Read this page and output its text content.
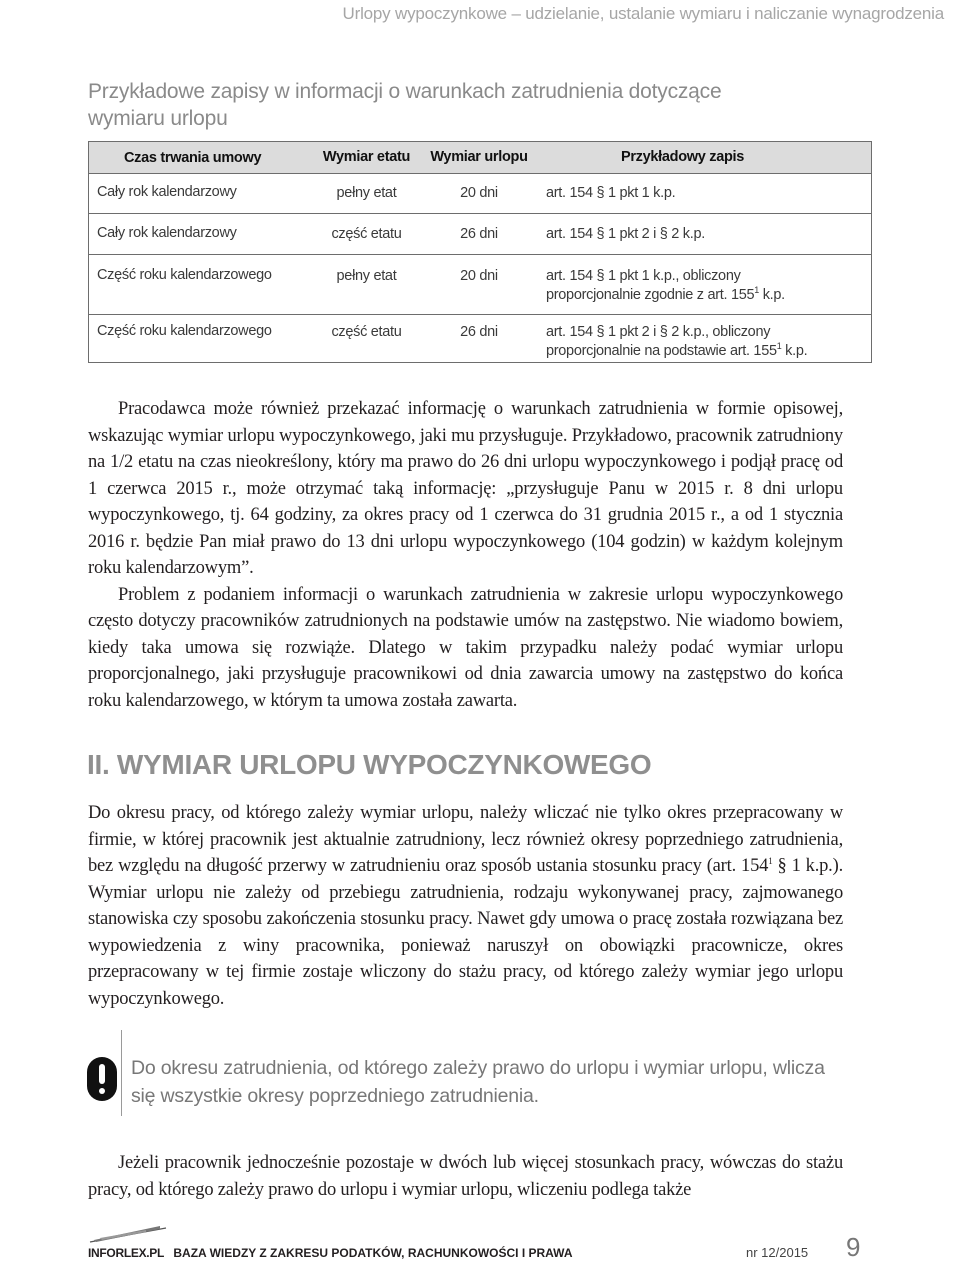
Urlopy wypoczynkowe – udzielanie, ustalanie wymiaru i naliczanie wynagrodzenia
Przykładowe zapisy w informacji o warunkach zatrudnienia dotyczące wymiaru urlopu
Czas trwania umowy	Wymiar etatu	Wymiar urlopu	Przykładowy zapis
Cały rok kalendarzowy	pełny etat	20 dni	art. 154 § 1 pkt 1 k.p.
Cały rok kalendarzowy	część etatu	26 dni	art. 154 § 1 pkt 2 i § 2 k.p.
Część roku kalendarzowego	pełny etat	20 dni	art. 154 § 1 pkt 1 k.p., obliczony
proporcjonalnie zgodnie z art. $155^1$ k.p.
Część roku kalendarzowego	część etatu	26 dni	art. 154 § 1 pkt 2 i § 2 k.p., obliczony
proporcjonalnie na podstawie art. $155^1$ k.p.

Pracodawca może również przekazać informację o warunkach zatrudnienia w formie opisowej, wskazując wymiar urlopu wypoczynkowego, jaki mu przysługuje. Przykładowo, pracownik zatrudniony na 1/2 etatu na czas nieokreślony, który ma prawo do 26 dni urlopu wypoczynkowego i podjął pracę od 1 czerwca 2015 r., może otrzymać taką informację: „przysługuje Panu w 2015 r. 8 dni urlopu wypoczynkowego, tj. 64 godziny, za okres pracy od 1 czerwca do 31 grudnia 2015 r., a od 1 stycznia 2016 r. będzie Pan miał prawo do 13 dni urlopu wypoczynkowego (104 godzin) w każdym kolejnym roku kalendarzowym”.

Problem z podaniem informacji o warunkach zatrudnienia w zakresie urlopu wypoczynkowego często dotyczy pracowników zatrudnionych na podstawie umów na zastępstwo. Nie wiadomo bowiem, kiedy taka umowa się rozwiąże. Dlatego w takim przypadku należy podać wymiar urlopu proporcjonalnego, jaki przysługuje pracownikowi od dnia zawarcia umowy na zastępstwo do końca roku kalendarzowego, w którym ta umowa została zawarta.

II. WYMIAR URLOPU WYPOCZYNKOWEGO

Do okresu pracy, od którego zależy wymiar urlopu, należy wliczać nie tylko okres przepracowany w firmie, w której pracownik jest aktualnie zatrudniony, lecz również okresy poprzedniego zatrudnienia, bez względu na długość przerwy w zatrudnieniu oraz sposób ustania stosunku pracy (art. $154^1$ § 1 k.p.). Wymiar urlopu nie zależy od przebiegu zatrudnienia, rodzaju wykonywanej pracy, zajmowanego stanowiska czy sposobu zakończenia stosunku pracy. Nawet gdy umowa o pracę została rozwiązana bez wypowiedzenia z winy pracownika, ponieważ naruszył on obowiązki pracownicze, okres przepracowany w tej firmie zostaje wliczony do stażu pracy, od którego zależy wymiar jego urlopu wypoczynkowego.

Do okresu zatrudnienia, od którego zależy prawo do urlopu i wymiar urlopu, wlicza się wszystkie okresy poprzedniego zatrudnienia.

Jeżeli pracownik jednocześnie pozostaje w dwóch lub więcej stosunkach pracy, wówczas do stażu pracy, od którego zależy prawo do urlopu i wymiar urlopu, wliczeniu podlega także

INFORLEX.PL BAZA WIEDZY Z ZAKRESU PODATKÓW, RACHUNKOWOŚCI I PRAWA	nr 12/2015 9
